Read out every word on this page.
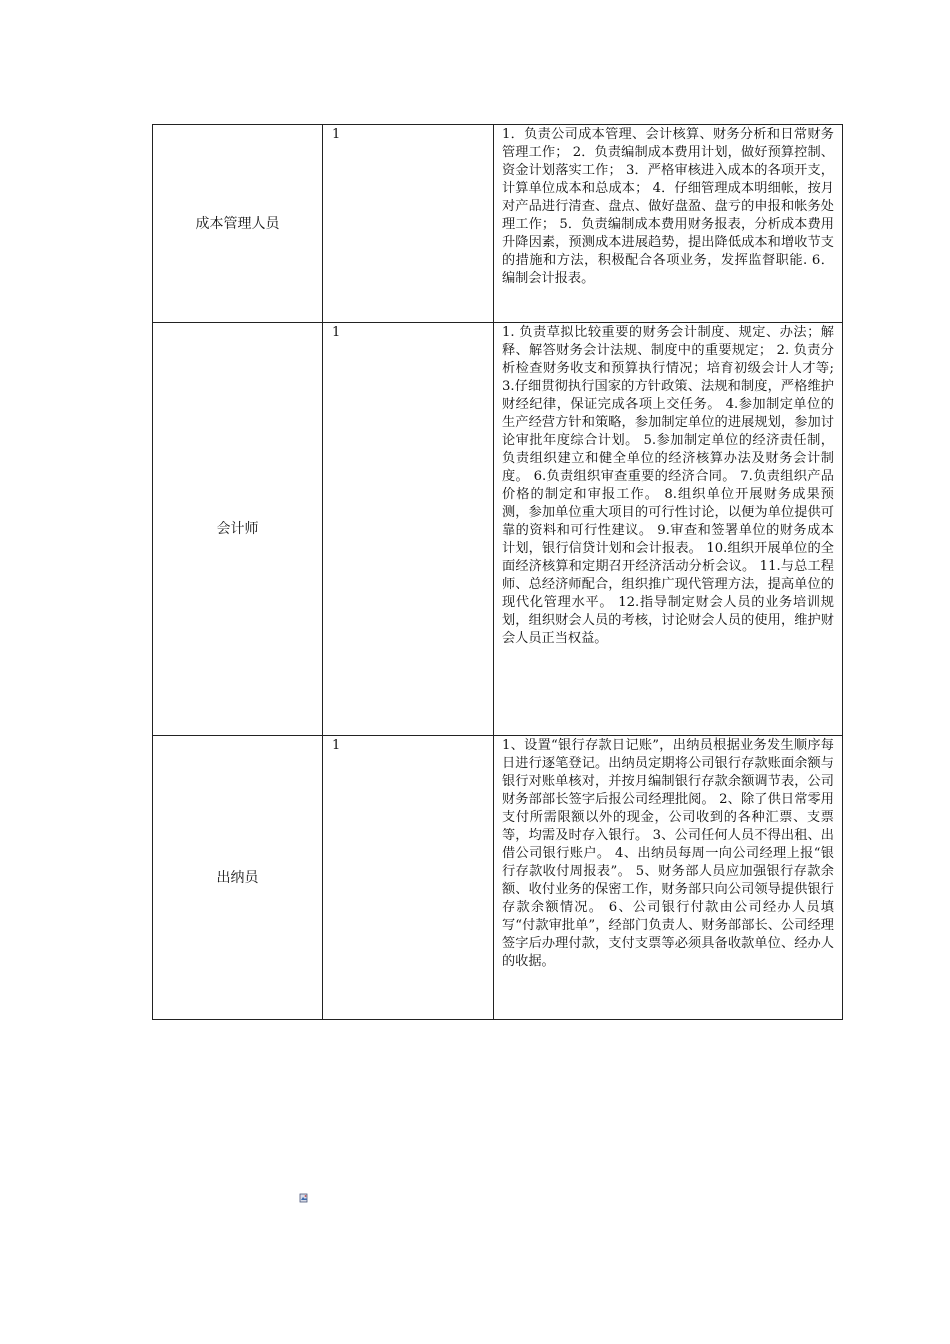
成本管理人员	1	1．负责公司成本管理、会计核算、财务分析和日常财务管理工作； 2．负责编制成本费用计划，做好预算控制、资金计划落实工作； 3．严格审核进入成本的各项开支，计算单位成本和总成本； 4．仔细管理成本明细帐，按月对产品进行清查、盘点、做好盘盈、盘亏的申报和帐务处理工作； 5．负责编制成本费用财务报表，分析成本费用升降因素，预测成本进展趋势，提出降低成本和增收节支的措施和方法，积极配合各项业务，发挥监督职能. 6．编制会计报表。
会计师	1	1. 负责草拟比较重要的财务会计制度、规定、办法；解释、解答财务会计法规、制度中的重要规定； 2. 负责分析检查财务收支和预算执行情况；培育初级会计人才等; 3.仔细贯彻执行国家的方针政策、法规和制度，严格维护财经纪律，保证完成各项上交任务。 4.参加制定单位的生产经营方针和策略，参加制定单位的进展规划，参加讨论审批年度综合计划。 5.参加制定单位的经济责任制，负责组织建立和健全单位的经济核算办法及财务会计制度。 6.负责组织审查重要的经济合同。 7.负责组织产品价格的制定和审报工作。 8.组织单位开展财务成果预测，参加单位重大项目的可行性讨论，以便为单位提供可靠的资料和可行性建议。 9.审查和签署单位的财务成本计划，银行信贷计划和会计报表。 10.组织开展单位的全面经济核算和定期召开经济活动分析会议。 11.与总工程师、总经济师配合，组织推广现代管理方法，提高单位的现代化管理水平。 12.指导制定财会人员的业务培训规划，组织财会人员的考核，讨论财会人员的使用，维护财会人员正当权益。
出纳员	1	1、设置“银行存款日记账”，出纳员根据业务发生顺序每日进行逐笔登记。出纳员定期将公司银行存款账面余额与银行对账单核对，并按月编制银行存款余额调节表，公司财务部部长签字后报公司经理批阅。 2、除了供日常零用支付所需限额以外的现金，公司收到的各种汇票、支票等，均需及时存入银行。 3、公司任何人员不得出租、出借公司银行账户。 4、出纳员每周一向公司经理上报“银行存款收付周报表”。 5、财务部人员应加强银行存款余额、收付业务的保密工作，财务部只向公司领导提供银行存款余额情况。 6、公司银行付款由公司经办人员填写“付款审批单”，经部门负责人、财务部部长、公司经理签字后办理付款，支付支票等必须具备收款单位、经办人的收据。
